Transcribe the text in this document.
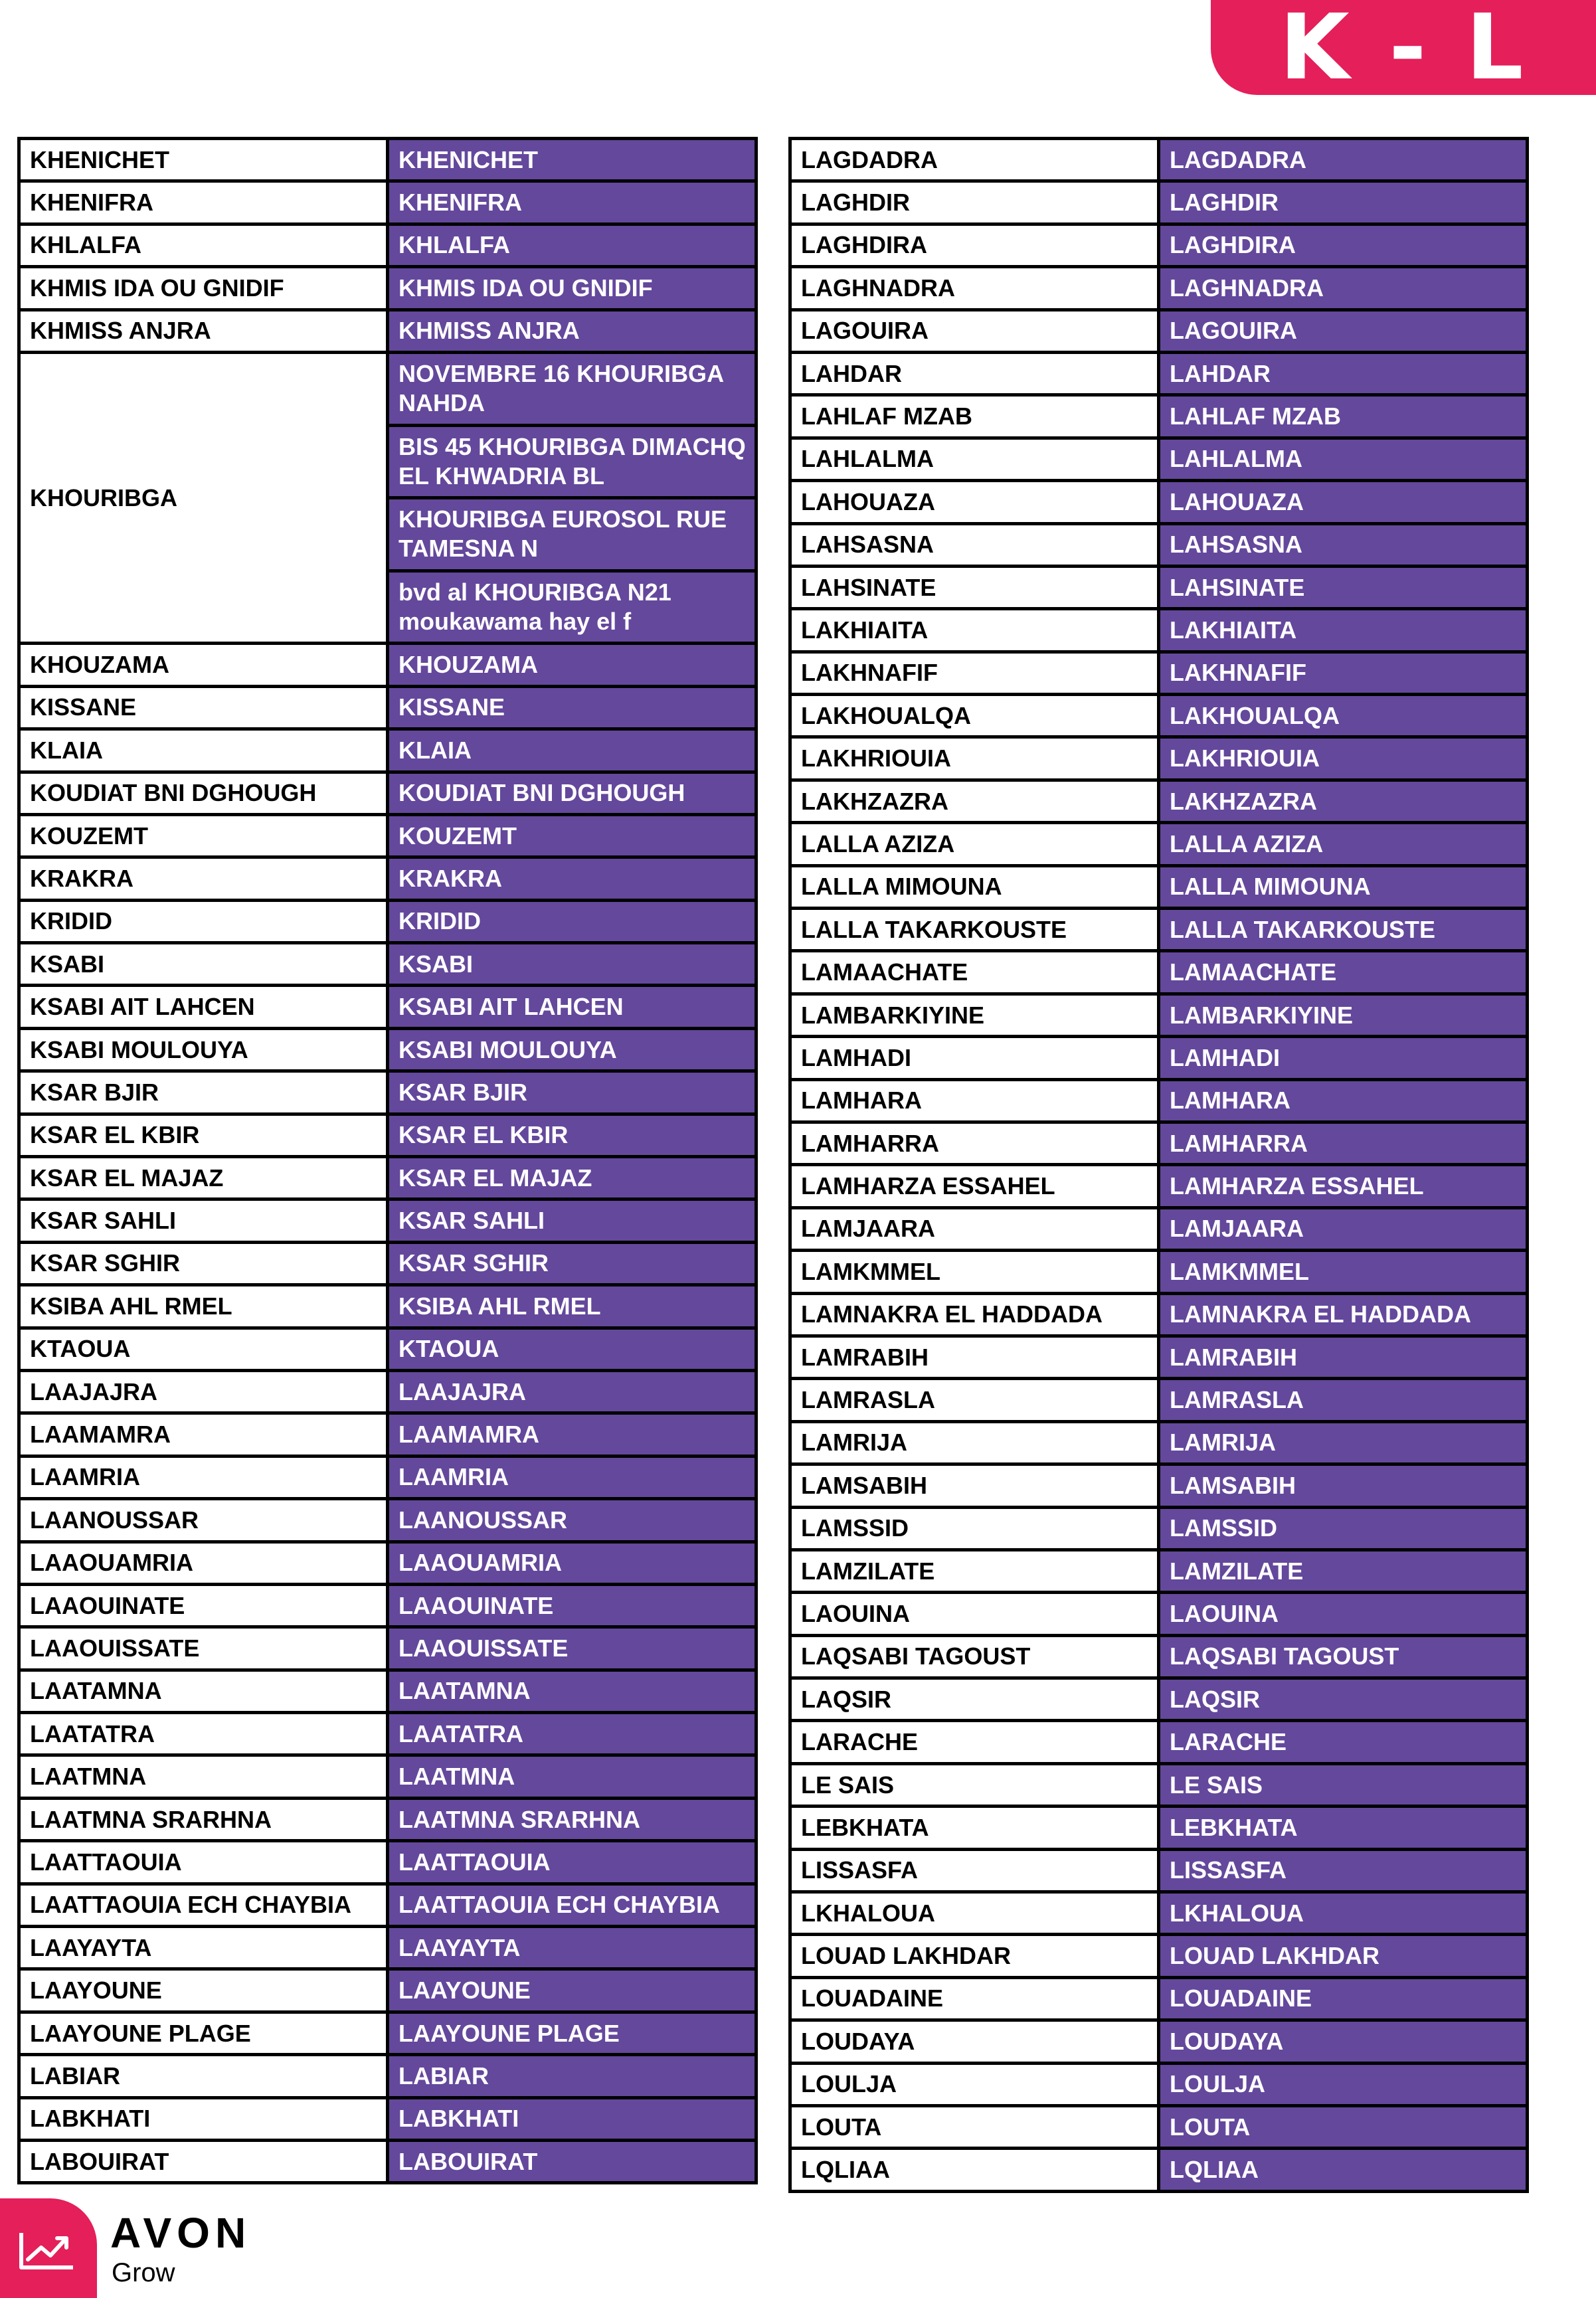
K - L
KHENICHET	KHENICHET
KHENIFRA	KHENIFRA
KHLALFA	KHLALFA
KHMIS IDA OU GNIDIF	KHMIS IDA OU GNIDIF
KHMISS ANJRA	KHMISS ANJRA
KHOURIBGA	NOVEMBRE 16 KHOURIBGA NAHDA
	BIS 45 KHOURIBGA DIMACHQ EL KHWADRIA BL
	KHOURIBGA EUROSOL RUE TAMESNA N
	bvd al KHOURIBGA N21 moukawama hay el f
KHOUZAMA	KHOUZAMA
KISSANE	KISSANE
KLAIA	KLAIA
KOUDIAT BNI DGHOUGH	KOUDIAT BNI DGHOUGH
KOUZEMT	KOUZEMT
KRAKRA	KRAKRA
KRIDID	KRIDID
KSABI	KSABI
KSABI AIT LAHCEN	KSABI AIT LAHCEN
KSABI MOULOUYA	KSABI MOULOUYA
KSAR BJIR	KSAR BJIR
KSAR EL KBIR	KSAR EL KBIR
KSAR EL MAJAZ	KSAR EL MAJAZ
KSAR SAHLI	KSAR SAHLI
KSAR SGHIR	KSAR SGHIR
KSIBA AHL RMEL	KSIBA AHL RMEL
KTAOUA	KTAOUA
LAAJAJRA	LAAJAJRA
LAAMAMRA	LAAMAMRA
LAAMRIA	LAAMRIA
LAANOUSSAR	LAANOUSSAR
LAAOUAMRIA	LAAOUAMRIA
LAAOUINATE	LAAOUINATE
LAAOUISSATE	LAAOUISSATE
LAATAMNA	LAATAMNA
LAATATRA	LAATATRA
LAATMNA	LAATMNA
LAATMNA SRARHNA	LAATMNA SRARHNA
LAATTAOUIA	LAATTAOUIA
LAATTAOUIA ECH CHAYBIA	LAATTAOUIA ECH CHAYBIA
LAAYAYTA	LAAYAYTA
LAAYOUNE	LAAYOUNE
LAAYOUNE PLAGE	LAAYOUNE PLAGE
LABIAR	LABIAR
LABKHATI	LABKHATI
LABOUIRAT	LABOUIRAT
LAGDADRA	LAGDADRA
LAGHDIR	LAGHDIR
LAGHDIRA	LAGHDIRA
LAGHNADRA	LAGHNADRA
LAGOUIRA	LAGOUIRA
LAHDAR	LAHDAR
LAHLAF MZAB	LAHLAF MZAB
LAHLALMA	LAHLALMA
LAHOUAZA	LAHOUAZA
LAHSASNA	LAHSASNA
LAHSINATE	LAHSINATE
LAKHIAITA	LAKHIAITA
LAKHNAFIF	LAKHNAFIF
LAKHOUALQA	LAKHOUALQA
LAKHRIOUIA	LAKHRIOUIA
LAKHZAZRA	LAKHZAZRA
LALLA AZIZA	LALLA AZIZA
LALLA MIMOUNA	LALLA MIMOUNA
LALLA TAKARKOUSTE	LALLA TAKARKOUSTE
LAMAACHATE	LAMAACHATE
LAMBARKIYINE	LAMBARKIYINE
LAMHADI	LAMHADI
LAMHARA	LAMHARA
LAMHARRA	LAMHARRA
LAMHARZA ESSAHEL	LAMHARZA ESSAHEL
LAMJAARA	LAMJAARA
LAMKMMEL	LAMKMMEL
LAMNAKRA EL HADDADA	LAMNAKRA EL HADDADA
LAMRABIH	LAMRABIH
LAMRASLA	LAMRASLA
LAMRIJA	LAMRIJA
LAMSABIH	LAMSABIH
LAMSSID	LAMSSID
LAMZILATE	LAMZILATE
LAOUINA	LAOUINA
LAQSABI TAGOUST	LAQSABI TAGOUST
LAQSIR	LAQSIR
LARACHE	LARACHE
LE SAIS	LE SAIS
LEBKHATA	LEBKHATA
LISSASFA	LISSASFA
LKHALOUA	LKHALOUA
LOUAD LAKHDAR	LOUAD LAKHDAR
LOUADAINE	LOUADAINE
LOUDAYA	LOUDAYA
LOULJA	LOULJA
LOUTA	LOUTA
LQLIAA	LQLIAA
AVON
Grow
